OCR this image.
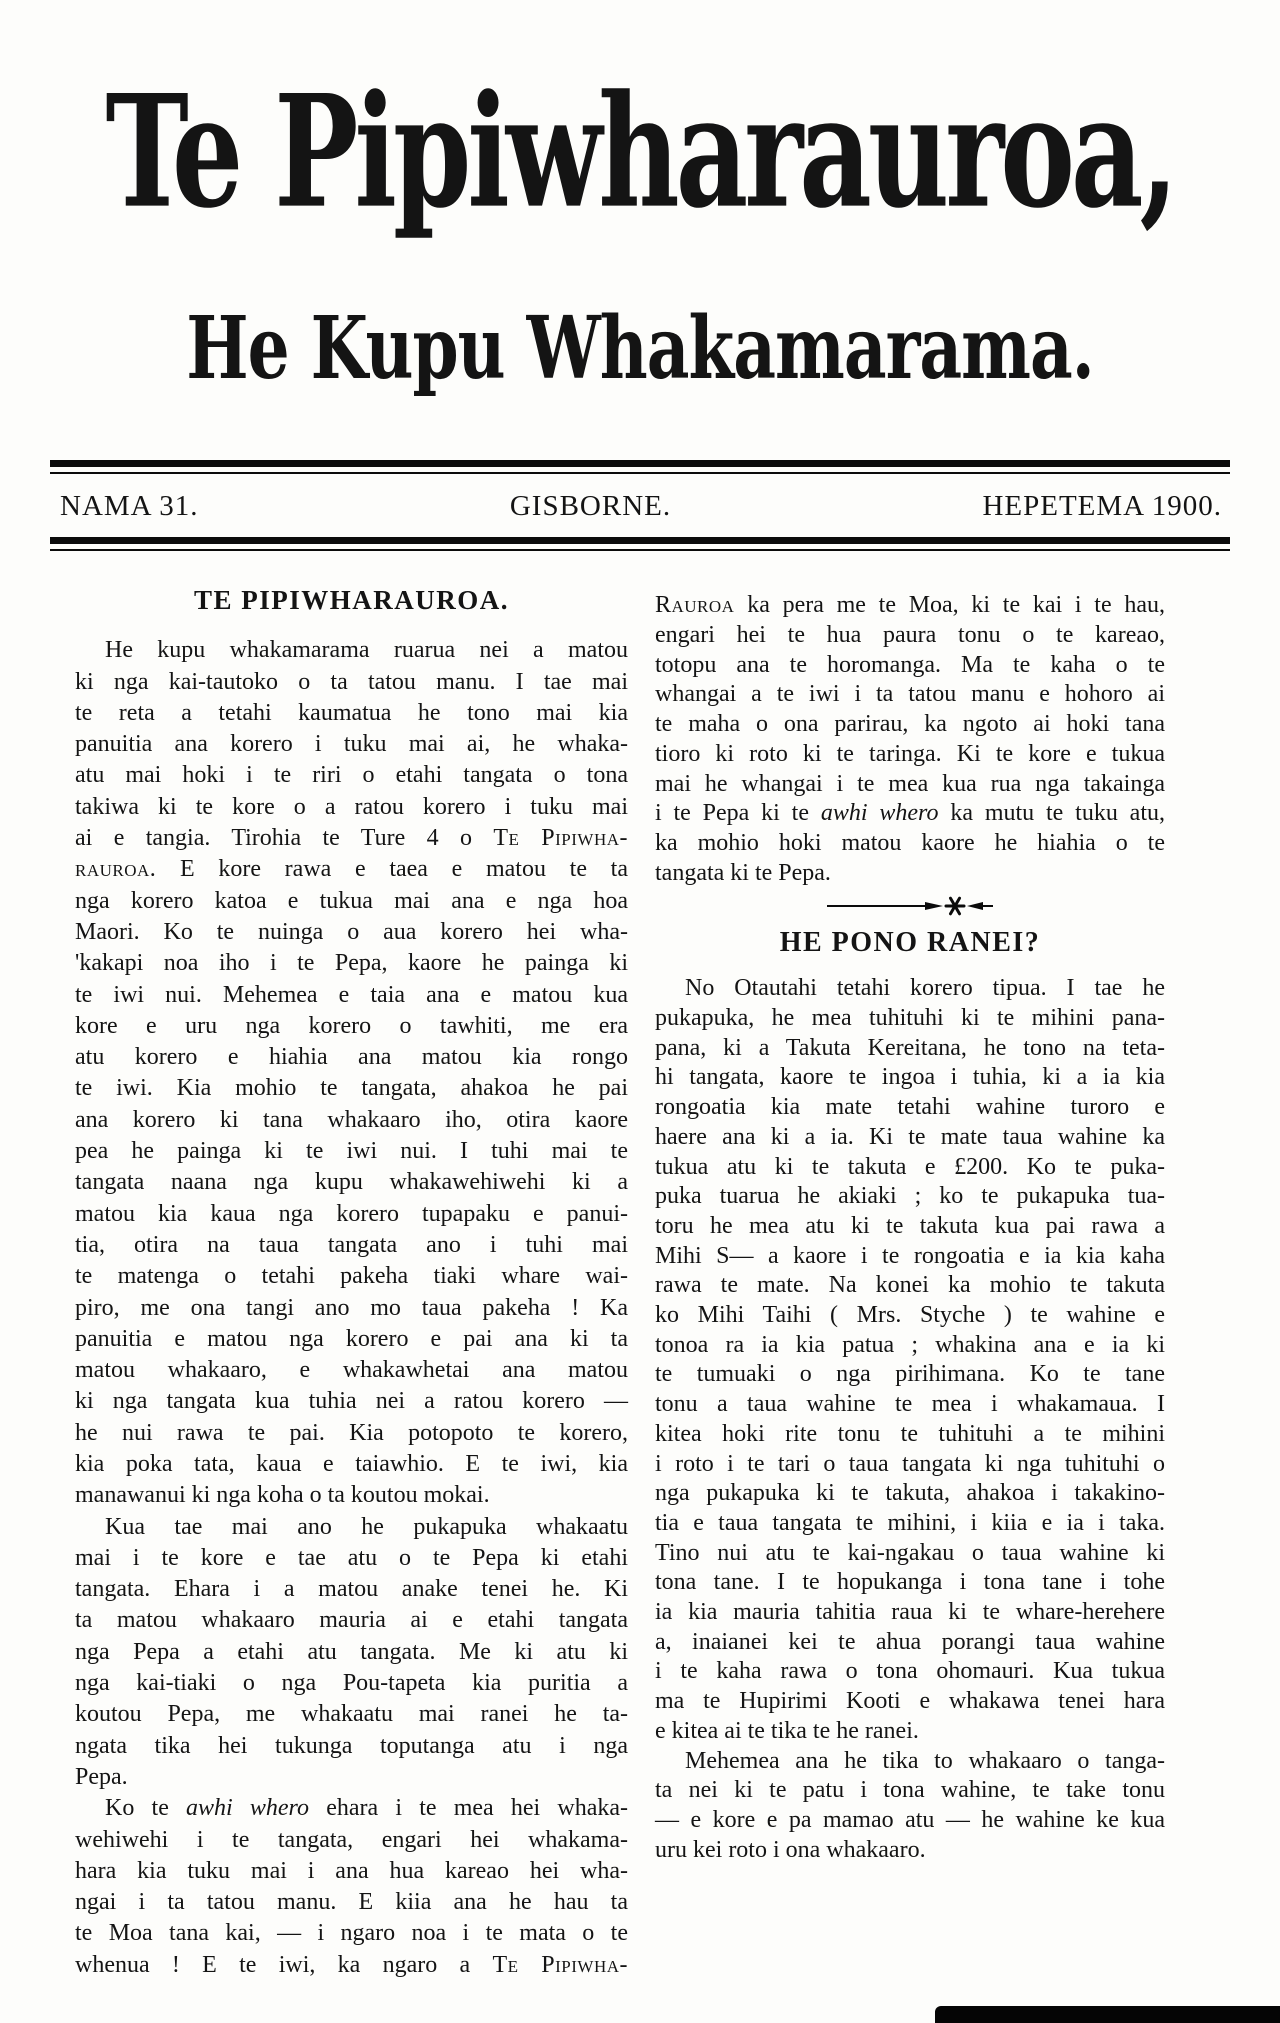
Te Pipiwharauroa,
He Kupu Whakamarama.
NAMA 31.	GISBORNE.	HEPETEMA 1900.
TE PIPIWHARAUROA.

He kupu whakamarama ruarua nei a matou
ki nga kai-tautoko o ta tatou manu. I tae mai
te reta a tetahi kaumatua he tono mai kia
panuitia ana korero i tuku mai ai, he whaka-
atu mai hoki i te riri o etahi tangata o tona
takiwa ki te kore o a ratou korero i tuku mai
ai e tangia. Tirohia te Ture 4 o Te Pipiwha-
rauroa. E kore rawa e taea e matou te ta
nga korero katoa e tukua mai ana e nga hoa
Maori. Ko te nuinga o aua korero hei wha-
'kakapi noa iho i te Pepa, kaore he painga ki
te iwi nui. Mehemea e taia ana e matou kua
kore e uru nga korero o tawhiti, me era
atu korero e hiahia ana matou kia rongo
te iwi. Kia mohio te tangata, ahakoa he pai
ana korero ki tana whakaaro iho, otira kaore
pea he painga ki te iwi nui. I tuhi mai te
tangata naana nga kupu whakawehiwehi ki a
matou kia kaua nga korero tupapaku e panui-
tia, otira na taua tangata ano i tuhi mai
te matenga o tetahi pakeha tiaki whare wai-
piro, me ona tangi ano mo taua pakeha ! Ka
panuitia e matou nga korero e pai ana ki ta
matou whakaaro, e whakawhetai ana matou
ki nga tangata kua tuhia nei a ratou korero —
he nui rawa te pai. Kia potopoto te korero,
kia poka tata, kaua e taiawhio. E te iwi, kia
manawanui ki nga koha o ta koutou mokai.

Kua tae mai ano he pukapuka whakaatu
mai i te kore e tae atu o te Pepa ki etahi
tangata. Ehara i a matou anake tenei he. Ki
ta matou whakaaro mauria ai e etahi tangata
nga Pepa a etahi atu tangata. Me ki atu ki
nga kai-tiaki o nga Pou-tapeta kia puritia a
koutou Pepa, me whakaatu mai ranei he ta-
ngata tika hei tukunga toputanga atu i nga
Pepa.

Ko te awhi whero ehara i te mea hei whaka-
wehiwehi i te tangata, engari hei whakama-
hara kia tuku mai i ana hua kareao hei wha-
ngai i ta tatou manu. E kiia ana he hau ta
te Moa tana kai, — i ngaro noa i te mata o te
whenua ! E te iwi, ka ngaro a Te Pipiwha-

Rauroa ka pera me te Moa, ki te kai i te hau,
engari hei te hua paura tonu o te kareao,
totopu ana te horomanga. Ma te kaha o te
whangai a te iwi i ta tatou manu e hohoro ai
te maha o ona parirau, ka ngoto ai hoki tana
tioro ki roto ki te taringa. Ki te kore e tukua
mai he whangai i te mea kua rua nga takainga
i te Pepa ki te awhi whero ka mutu te tuku atu,
ka mohio hoki matou kaore he hiahia o te
tangata ki te Pepa.

HE PONO RANEI?

No Otautahi tetahi korero tipua. I tae he
pukapuka, he mea tuhituhi ki te mihini pana-
pana, ki a Takuta Kereitana, he tono na teta-
hi tangata, kaore te ingoa i tuhia, ki a ia kia
rongoatia kia mate tetahi wahine turoro e
haere ana ki a ia. Ki te mate taua wahine ka
tukua atu ki te takuta e £200. Ko te puka-
puka tuarua he akiaki ; ko te pukapuka tua-
toru he mea atu ki te takuta kua pai rawa a
Mihi S— a kaore i te rongoatia e ia kia kaha
rawa te mate. Na konei ka mohio te takuta
ko Mihi Taihi ( Mrs. Styche ) te wahine e
tonoa ra ia kia patua ; whakina ana e ia ki
te tumuaki o nga pirihimana. Ko te tane
tonu a taua wahine te mea i whakamaua. I
kitea hoki rite tonu te tuhituhi a te mihini
i roto i te tari o taua tangata ki nga tuhituhi o
nga pukapuka ki te takuta, ahakoa i takakino-
tia e taua tangata te mihini, i kiia e ia i taka.
Tino nui atu te kai-ngakau o taua wahine ki
tona tane. I te hopukanga i tona tane i tohe
ia kia mauria tahitia raua ki te whare-herehere
a, inaianei kei te ahua porangi taua wahine
i te kaha rawa o tona ohomauri. Kua tukua
ma te Hupirimi Kooti e whakawa tenei hara
e kitea ai te tika te he ranei.

Mehemea ana he tika to whakaaro o tanga-
ta nei ki te patu i tona wahine, te take tonu
— e kore e pa mamao atu — he wahine ke kua
uru kei roto i ona whakaaro.
